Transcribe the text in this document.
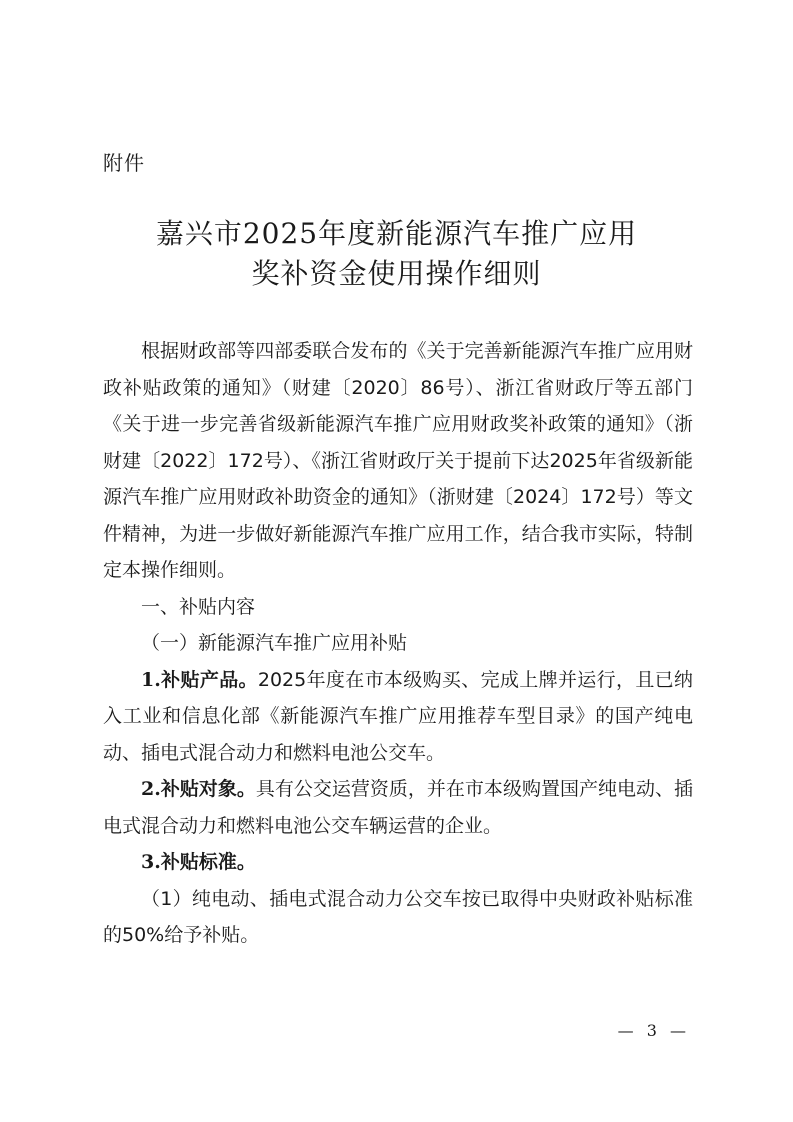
附件
嘉兴市2025年度新能源汽车推广应用
奖补资金使用操作细则

根据财政部等四部委联合发布的《关于完善新能源汽车推广应用财政补贴政策的通知》（财建〔2020〕86号）、浙江省财政厅等五部门《关于进一步完善省级新能源汽车推广应用财政奖补政策的通知》（浙财建〔2022〕172号）、《浙江省财政厅关于提前下达2025年省级新能源汽车推广应用财政补助资金的通知》（浙财建〔2024〕172号）等文件精神，为进一步做好新能源汽车推广应用工作，结合我市实际，特制定本操作细则。

一、补贴内容

（一）新能源汽车推广应用补贴

1.补贴产品。2025年度在市本级购买、完成上牌并运行，且已纳入工业和信息化部《新能源汽车推广应用推荐车型目录》的国产纯电动、插电式混合动力和燃料电池公交车。

2.补贴对象。具有公交运营资质，并在市本级购置国产纯电动、插电式混合动力和燃料电池公交车辆运营的企业。

3.补贴标准。

（1）纯电动、插电式混合动力公交车按已取得中央财政补贴标准的50%给予补贴。

— 3 —
